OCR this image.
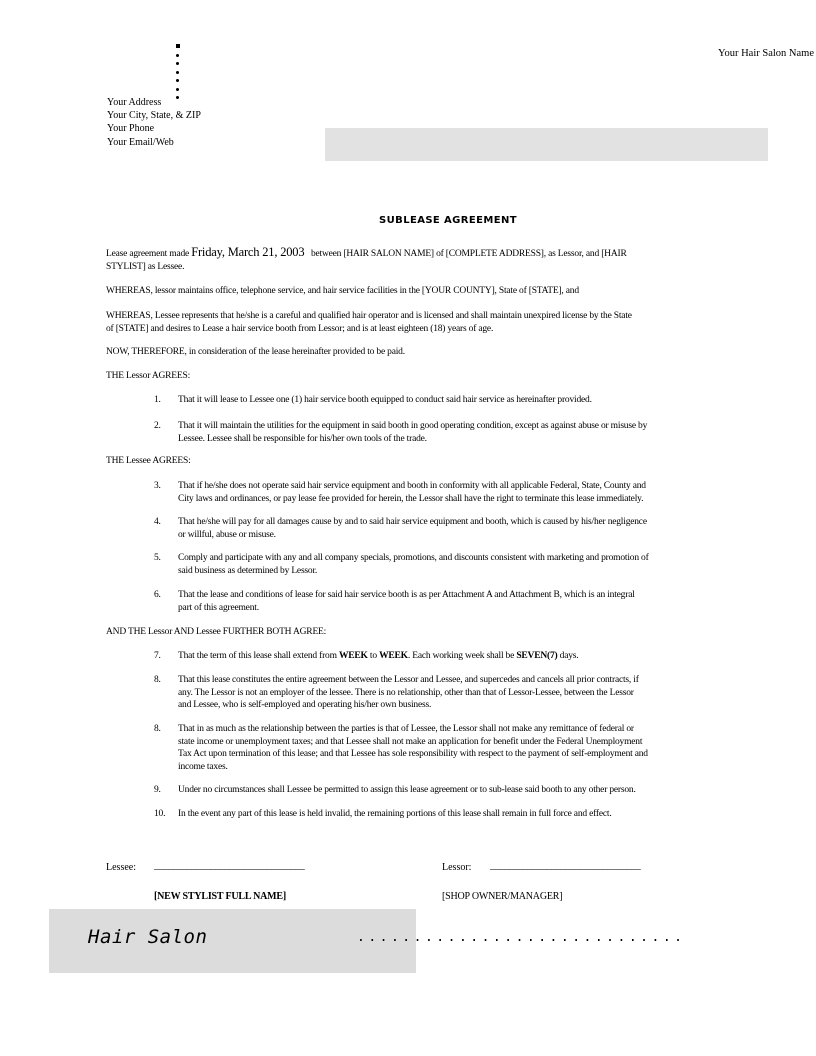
Your Hair Salon Name
Your Address
Your City, State, & ZIP
Your Phone
Your Email/Web
SUBLEASE AGREEMENT
Lease agreement made Friday, March 21, 2003 between [HAIR SALON NAME] of [COMPLETE ADDRESS], as Lessor, and [HAIR
STYLIST] as Lessee.
WHEREAS, lessor maintains office, telephone service, and hair service facilities in the [YOUR COUNTY], State of [STATE], and
WHEREAS, Lessee represents that he/she is a careful and qualified hair operator and is licensed and shall maintain unexpired license by the State
of [STATE] and desires to Lease a hair service booth from Lessor; and is at least eighteen (18) years of age.
NOW, THEREFORE, in consideration of the lease hereinafter provided to be paid.
THE Lessor AGREES:
1.	That it will lease to Lessee one (1) hair service booth equipped to conduct said hair service as hereinafter provided.
2.	That it will maintain the utilities for the equipment in said booth in good operating condition, except as against abuse or misuse by
Lessee. Lessee shall be responsible for his/her own tools of the trade.
THE Lessee AGREES:
3.	That if he/she does not operate said hair service equipment and booth in conformity with all applicable Federal, State, County and
City laws and ordinances, or pay lease fee provided for herein, the Lessor shall have the right to terminate this lease immediately.
4.	That he/she will pay for all damages cause by and to said hair service equipment and booth, which is caused by his/her negligence
or willful, abuse or misuse.
5.	Comply and participate with any and all company specials, promotions, and discounts consistent with marketing and promotion of
said business as determined by Lessor.
6.	That the lease and conditions of lease for said hair service booth is as per Attachment A and Attachment B, which is an integral
part of this agreement.
AND THE Lessor AND Lessee FURTHER BOTH AGREE:
7.	That the term of this lease shall extend from WEEK to WEEK. Each working week shall be SEVEN(7) days.
8.	That this lease constitutes the entire agreement between the Lessor and Lessee, and supercedes and cancels all prior contracts, if
any. The Lessor is not an employer of the lessee. There is no relationship, other than that of Lessor-Lessee, between the Lessor
and Lessee, who is self-employed and operating his/her own business.
8.	That in as much as the relationship between the parties is that of Lessee, the Lessor shall not make any remittance of federal or
state income or unemployment taxes; and that Lessee shall not make an application for benefit under the Federal Unemployment
Tax Act upon termination of this lease; and that Lessee has sole responsibility with respect to the payment of self-employment and
income taxes.
9.	Under no circumstances shall Lessee be permitted to assign this lease agreement or to sub-lease said booth to any other person.
10.	In the event any part of this lease is held invalid, the remaining portions of this lease shall remain in full force and effect.
Lessee: ________________________________	Lessor: ________________________________
[NEW STYLIST FULL NAME]	[SHOP OWNER/MANAGER]
Hair Salon	.............................
